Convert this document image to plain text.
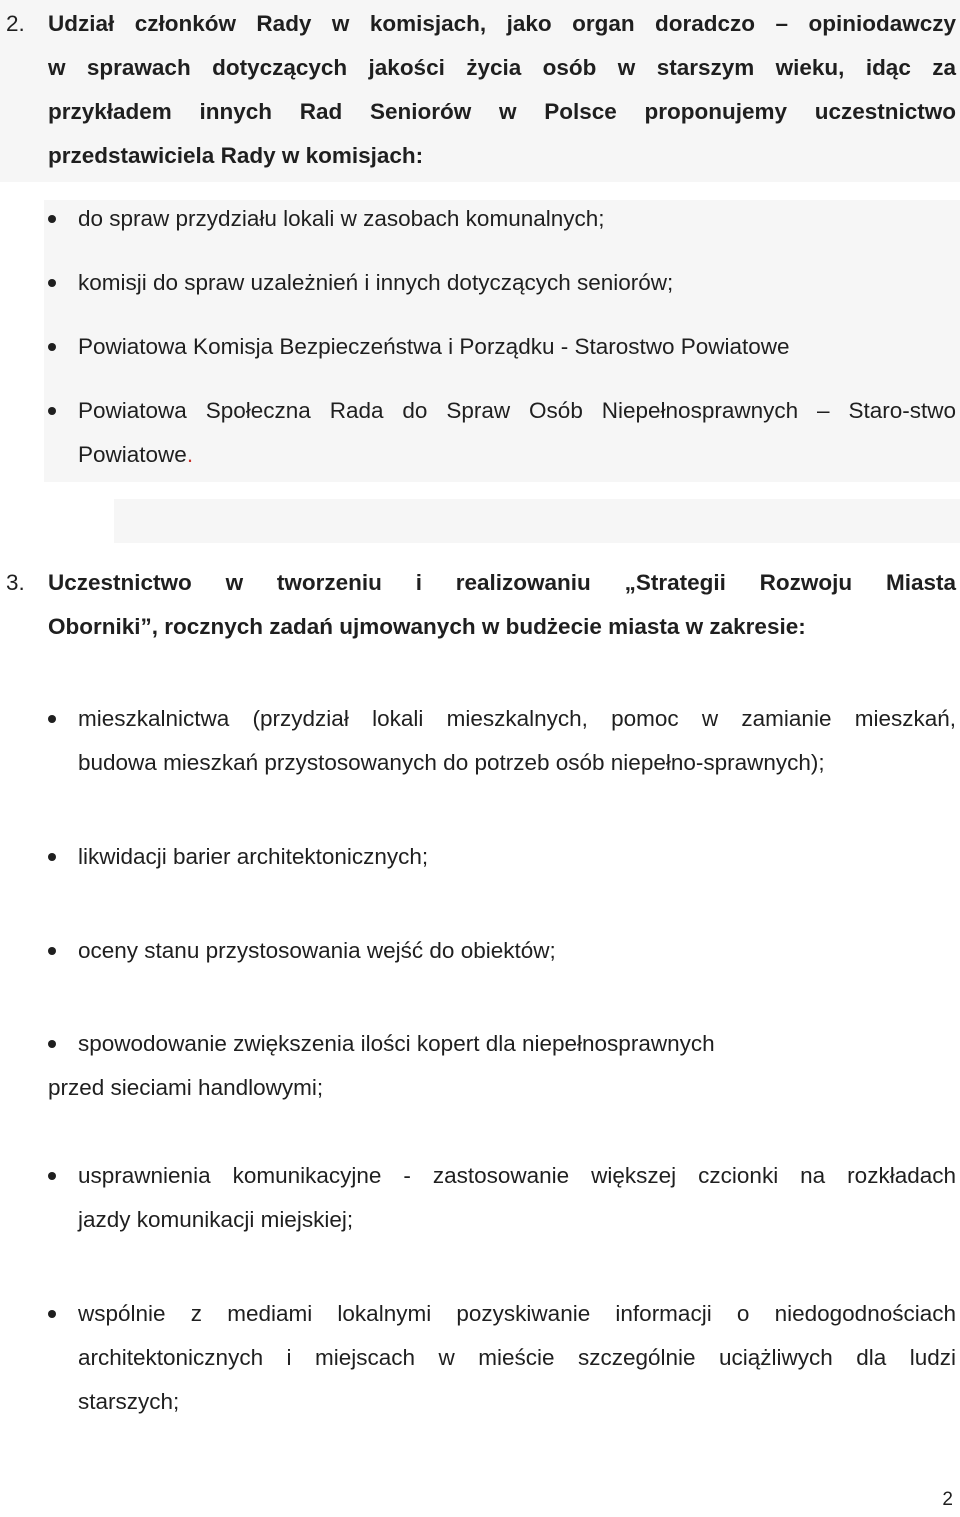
2. Udział członków Rady w komisjach, jako organ doradczo – opiniodawczy
w sprawach dotyczących jakości życia osób w starszym wieku, idąc za
przykładem innych Rad Seniorów w Polsce proponujemy uczestnictwo
przedstawiciela Rady w komisjach:
do spraw przydziału lokali w zasobach komunalnych;
komisji do spraw uzależnień i innych dotyczących seniorów;
Powiatowa Komisja Bezpieczeństwa i Porządku - Starostwo Powiatowe
Powiatowa Społeczna Rada do Spraw Osób Niepełnosprawnych – Staro-stwo
Powiatowe.
3. Uczestnictwo w tworzeniu i realizowaniu „Strategii Rozwoju Miasta
Oborniki”, rocznych zadań ujmowanych w budżecie miasta w zakresie:
mieszkalnictwa (przydział lokali mieszkalnych, pomoc w zamianie mieszkań,
budowa mieszkań przystosowanych do potrzeb osób niepełno-sprawnych);
likwidacji barier architektonicznych;
oceny stanu przystosowania wejść do obiektów;
spowodowanie zwiększenia ilości kopert dla niepełnosprawnych
przed sieciami handlowymi;
usprawnienia komunikacyjne - zastosowanie większej czcionki na rozkładach
jazdy komunikacji miejskiej;
wspólnie z mediami lokalnymi pozyskiwanie informacji o niedogodnościach
architektonicznych i miejscach w mieście szczególnie uciążliwych dla ludzi
starszych;
2
